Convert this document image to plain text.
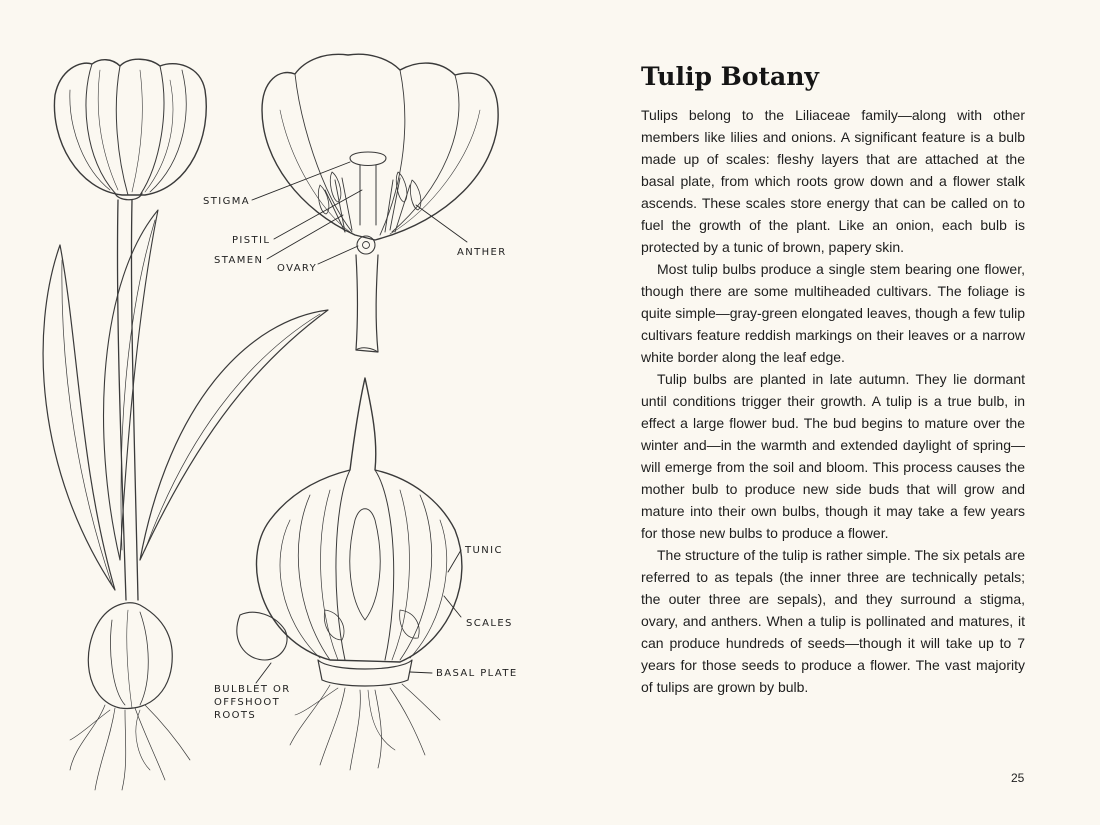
STIGMA
PISTIL
STAMEN
OVARY
ANTHER
TUNIC
SCALES
BASAL PLATE
BULBLET OR
OFFSHOOT
ROOTS
Tulip Botany

Tulips belong to the Liliaceae family—along with other members like lilies and onions. A significant feature is a bulb made up of scales: fleshy layers that are attached at the basal plate, from which roots grow down and a flower stalk ascends. These scales store energy that can be called on to fuel the growth of the plant. Like an onion, each bulb is protected by a tunic of brown, papery skin.

Most tulip bulbs produce a single stem bearing one flower, though there are some multiheaded cultivars. The foliage is quite simple—gray-green elongated leaves, though a few tulip cultivars feature reddish markings on their leaves or a narrow white border along the leaf edge.

Tulip bulbs are planted in late autumn. They lie dormant until conditions trigger their growth. A tulip is a true bulb, in effect a large flower bud. The bud begins to mature over the winter and—in the warmth and extended daylight of spring—will emerge from the soil and bloom. This process causes the mother bulb to produce new side buds that will grow and mature into their own bulbs, though it may take a few years for those new bulbs to produce a flower.

The structure of the tulip is rather simple. The six petals are referred to as tepals (the inner three are technically petals; the outer three are sepals), and they surround a stigma, ovary, and anthers. When a tulip is pollinated and matures, it can produce hundreds of seeds—though it will take up to 7 years for those seeds to produce a flower. The vast majority of tulips are grown by bulb.

25
